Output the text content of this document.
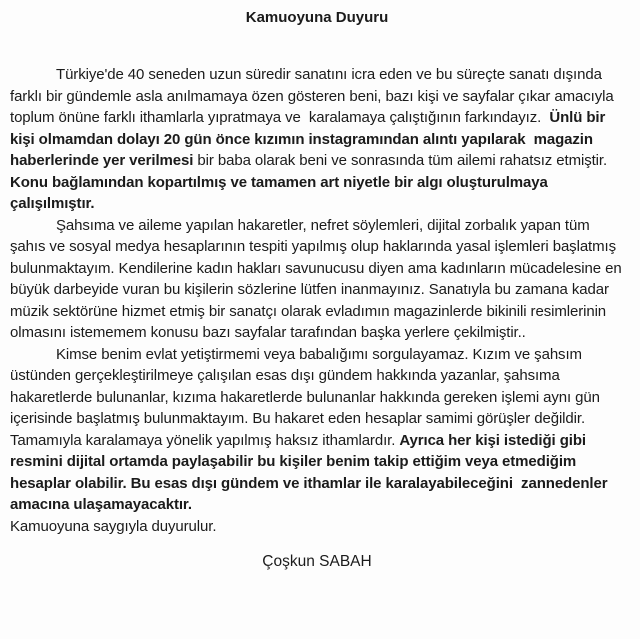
Kamuoyuna Duyuru

Türkiye'de 40 seneden uzun süredir sanatını icra eden ve bu süreçte sanatı dışında farklı bir gündemle asla anılmamaya özen gösteren beni, bazı kişi ve sayfalar çıkar amacıyla toplum önüne farklı ithamlarla yıpratmaya ve  karalamaya çalıştığının farkındayız.  Ünlü bir kişi olmamdan dolayı 20 gün önce kızımın instagramından alıntı yapılarak  magazin haberlerinde yer verilmesi bir baba olarak beni ve sonrasında tüm ailemi rahatsız etmiştir. Konu bağlamından kopartılmış ve tamamen art niyetle bir algı oluşturulmaya çalışılmıştır.

Şahsıma ve aileme yapılan hakaretler, nefret söylemleri, dijital zorbalık yapan tüm şahıs ve sosyal medya hesaplarının tespiti yapılmış olup haklarında yasal işlemleri başlatmış bulunmaktayım. Kendilerine kadın hakları savunucusu diyen ama kadınların mücadelesine en büyük darbeyide vuran bu kişilerin sözlerine lütfen inanmayınız. Sanatıyla bu zamana kadar müzik sektörüne hizmet etmiş bir sanatçı olarak evladımın magazinlerde bikinili resimlerinin olmasını istememem konusu bazı sayfalar tarafından başka yerlere çekilmiştir..

Kimse benim evlat yetiştirmemi veya babalığımı sorgulayamaz. Kızım ve şahsım üstünden gerçekleştirilmeye çalışılan esas dışı gündem hakkında yazanlar, şahsıma hakaretlerde bulunanlar, kızıma hakaretlerde bulunanlar hakkında gereken işlemi aynı gün içerisinde başlatmış bulunmaktayım. Bu hakaret eden hesaplar samimi görüşler değildir. Tamamıyla karalamaya yönelik yapılmış haksız ithamlardır. Ayrıca her kişi istediği gibi resmini dijital ortamda paylaşabilir bu kişiler benim takip ettiğim veya etmediğim hesaplar olabilir. Bu esas dışı gündem ve ithamlar ile karalayabileceğini  zannedenler amacına ulaşamayacaktır.

Kamuoyuna saygıyla duyurulur.

Çoşkun SABAH
